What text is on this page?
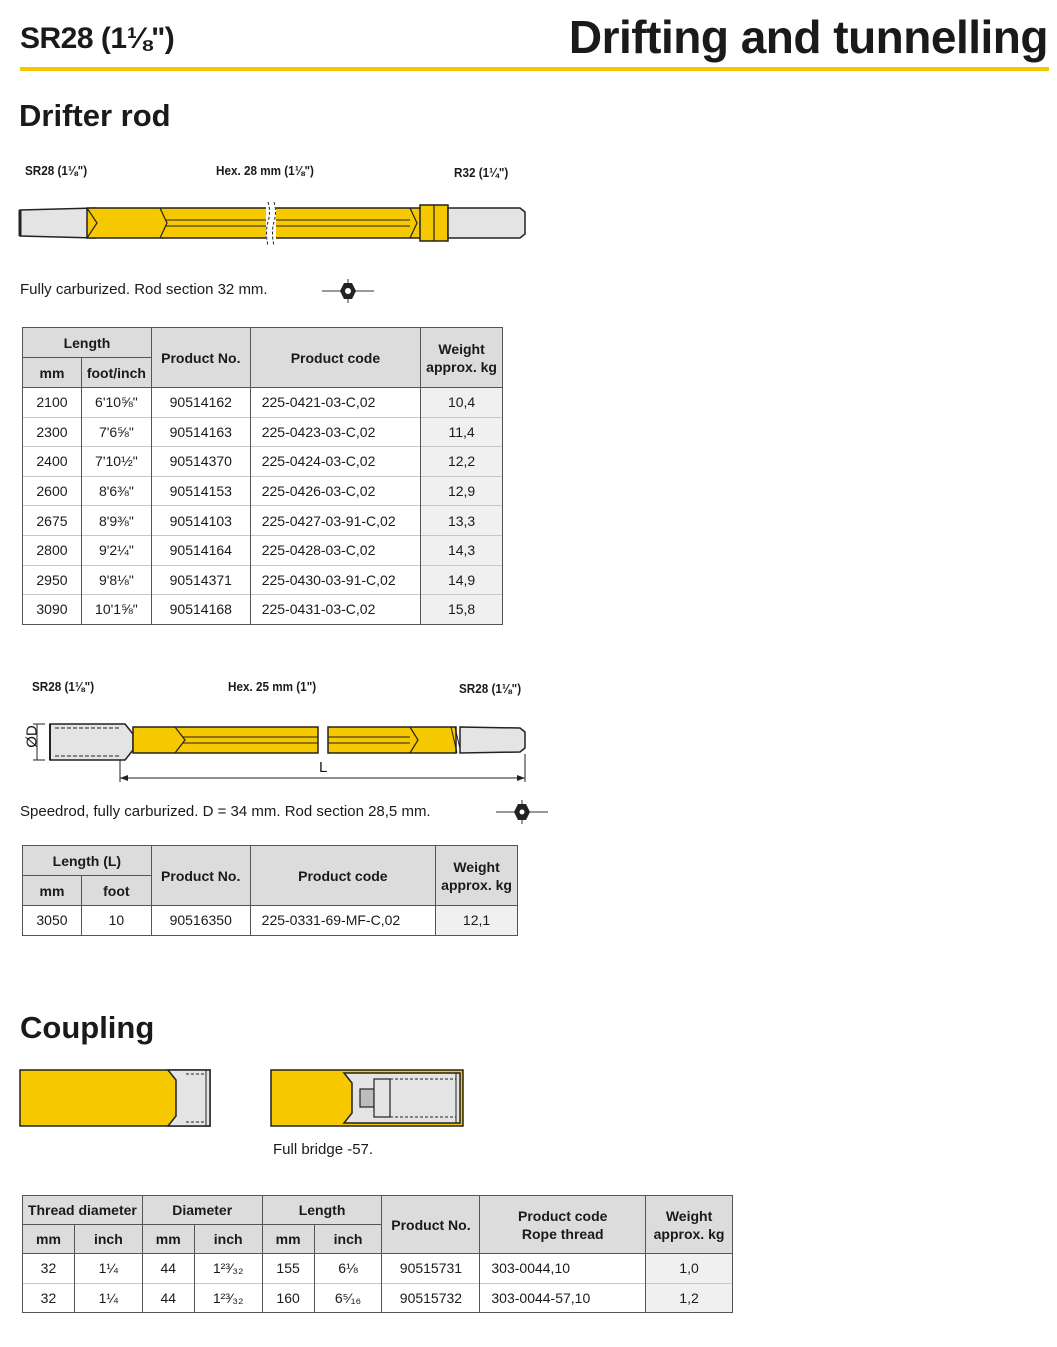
SR28 (1⅛")	Drifting and tunnelling
Drifter rod
SR28 (1⅛")	Hex. 28 mm (1⅛")	R32 (1¼")
Fully carburized. Rod section 32 mm.
Length		Product No.	Product code	Weight
approx. kg
mm	foot/inch			
2100	6'10⅝"	90514162	225-0421-03-C,02	10,4
2300	7'6⅝"	90514163	225-0423-03-C,02	11,4
2400	7'10½"	90514370	225-0424-03-C,02	12,2
2600	8'6⅜"	90514153	225-0426-03-C,02	12,9
2675	8'9⅜"	90514103	225-0427-03-91-C,02	13,3
2800	9'2¼"	90514164	225-0428-03-C,02	14,3
2950	9'8⅛"	90514371	225-0430-03-91-C,02	14,9
3090	10'1⅝"	90514168	225-0431-03-C,02	15,8
SR28 (1⅛")	Hex. 25 mm (1")	SR28 (1⅛")
ØD
L
Speedrod, fully carburized. D = 34 mm. Rod section 28,5 mm.
Length (L)		Product No.	Product code	Weight
approx. kg
mm	foot			
3050	10	90516350	225-0331-69-MF-C,02	12,1
Coupling
Full bridge -57.
Thread diameter		Diameter		Length		Product No.	Product code
Rope thread	Weight
approx. kg
mm	inch	mm	inch	mm	inch			
32	1¼	44	1²³⁄₃₂	155	6⅛	90515731	303-0044,10	1,0
32	1¼	44	1²³⁄₃₂	160	6⁵⁄₁₆	90515732	303-0044-57,10	1,2
